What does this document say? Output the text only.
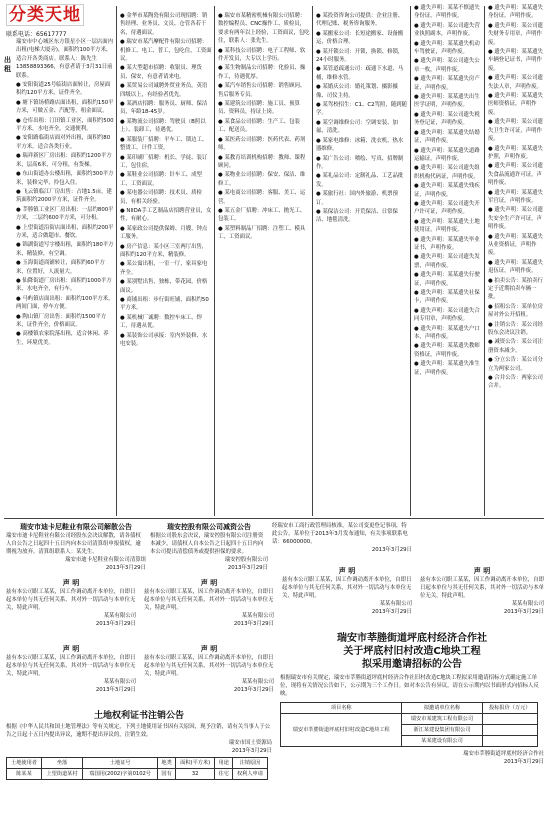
分类天地
联系电话：65617777
出租

瑞安市中心城区东方银星小区一层店面内出租(电梯大厦旁)，面积约100平方米，适合开各类商店。联系人：陈先生 13858893366，有意者请于3月31日前联系。

● 安阳街道25号临街店面转让，房屋面积约120平方米，证件齐全。

● 塘下镇场桥路店面出租，面积约150平方米，可做五金、汽配等，租金面议。

● 仓库出租：汀田镇工业区，面积约500平方米，水电齐全，交通便利。

● 安阳路临街店面对外出租，面积约80平方米，适合各类行业。

● 瑞祥新区厂房出租：面积约1200平方米，层高6米，可分租，有货梯。

● 东山街道办公楼出租，面积约300平方米，装修完毕，拎包入住。

● 飞云镇临江厂房出售：占地1.5亩，建筑面积约2000平方米，证件齐全。

● 莘塍镇工业区厂房出租：一层约800平方米，二层约600平方米，可分租。

● 上望街道沿街店面出租，面积约200平方米，适合做超市、餐饮。

● 锦湖街道写字楼出租，面积约180平方米，精装修，有空调。

● 玉海街道商铺转让，面积约60平方米，位置好，人流量大。

● 仙降街道厂房出租：面积约1000平方米，水电齐全，有行车。

● 马屿镇店面出租：面积约100平方米，两间门面，停车方便。

● 陶山镇厂房出售：面积约1500平方米，证件齐全，价格面议。

● 高楼镇农家院落出租，适合休闲、养生，环境优美。

● 金华市某陶瓷有限公司现招聘：销售经理、业务员、文员、仓管各若干名，待遇面议。

● 瑞安市某汽摩配件有限公司招聘：机修工、电工、普工，包吃住，工资面议。

● 某大型超市招聘：收银员、理货员、保安，有意者请来电。

● 某贸易公司诚聘外贸业务员，英语四级以上，有经验者优先。

● 某酒店招聘：服务员、厨师、保洁员，年龄18-45岁。

● 某物流公司招聘：驾驶员（B照以上）、装卸工，待遇优。

● 某服装厂招聘：平车工、锁边工、整烫工，计件工资。

● 某印刷厂招聘：机长、学徒、装订工，包住宿。

● 某鞋业公司招聘：针车工、成型工，工资面议。

● 某电器公司招聘：技术员、质检员，有相关经验。

● NIIDA手工艺制品店招聘营业员，女性，有耐心。

● 某家政公司提供保姆、月嫂、钟点工服务。

● 房产信息：某小区三室两厅出售，面积约120平方米，精装修。

● 某公寓出租，一室一厅，家具家电齐全。

● 某别墅出售，独栋，带花园，价格面议。

● 商铺出租：步行街旺铺，面积约50平方米。

● 某机械厂诚聘：数控车床工、焊工，待遇从优。

● 某装饰公司承接：室内外装修、水电安装。

● 瑞安市某精密机械有限公司招聘：数控编程员、CNC操作工、质检员，要求有两年以上经验，工资面议，包吃住，联系人：张先生。

● 某科技公司招聘：电子工程师、软件开发员，大专以上学历。

● 某生物制品公司招聘：化验员、操作工，待遇优厚。

● 某汽车销售公司招聘：销售顾问、售后服务专员。

● 某建筑公司招聘：施工员、预算员、资料员，持证上岗。

● 某食品公司招聘：生产工、包装工、配送员。

● 某医药公司招聘：医药代表、药剂师。

● 某教育培训机构招聘：教师、课程顾问。

● 某物业公司招聘：保安、保洁、维修工。

● 某电商公司招聘：客服、美工、运营。

● 某五金厂招聘：冲床工、抛光工、包装工。

● 某塑料制品厂招聘：注塑工、模具工，工资面议。

● 某投资咨询公司提供：企业注册、代理记账、税务咨询服务。

● 某搬家公司：长短途搬家、设备搬运，价格合理。

● 某开锁公司：开锁、换锁、修锁，24小时服务。

● 某管道疏通公司：疏通下水道、马桶，维修水管。

● 某婚庆公司：婚礼策划、摄影摄像、司仪主持。

● 某驾校招生：C1、C2驾照，随到随学。

● 某空调维修公司：空调安装、加氟、清洗。

● 某家电维修：冰箱、洗衣机、热水器维修。

● 某广告公司：喷绘、写真、招牌制作。

● 某礼品公司：定制礼品、工艺品批发。

● 某旅行社：国内外旅游、机票预订。

● 某保洁公司：开荒保洁、日常保洁、地毯清洗。

● 遗失声明：某某不慎遗失身份证，声明作废。

● 遗失声明：某公司遗失营业执照副本，声明作废。

● 遗失声明：某某遗失机动车驾驶证，声明作废。

● 遗失声明：某公司遗失公章一枚，声明作废。

● 遗失声明：某某遗失房产证，声明作废。

● 遗失声明：某某遗失出生医学证明，声明作废。

● 遗失声明：某公司遗失税务登记证，声明作废。

● 遗失声明：某某遗失结婚证，声明作废。

● 遗失声明：某某遗失道路运输证，声明作废。

● 遗失声明：某公司遗失组织机构代码证，声明作废。

● 遗失声明：某某遗失残疾证，声明作废。

● 遗失声明：某公司遗失开户许可证，声明作废。

● 遗失声明：某某遗失土地使用证，声明作废。

● 遗失声明：某某遗失毕业证书，声明作废。

● 遗失声明：某公司遗失发票，声明作废。

● 遗失声明：某某遗失行驶证，声明作废。

● 遗失声明：某某遗失社保卡，声明作废。

● 遗失声明：某公司遗失合同专用章，声明作废。

● 遗失声明：某某遗失户口本，声明作废。

● 遗失声明：某某遗失教师资格证，声明作废。

● 遗失声明：某某遗失准生证，声明作废。

● 遗失声明：某某遗失身份证，声明作废。

● 遗失声明：某公司遗失财务专用章，声明作废。

● 遗失声明：某某遗失车辆登记证书，声明作废。

● 遗失声明：某公司遗失法人章，声明作废。

● 遗失声明：某某遗失医师资格证，声明作废。

● 遗失声明：某公司遗失卫生许可证，声明作废。

● 遗失声明：某某遗失护照，声明作废。

● 遗失声明：某公司遗失食品流通许可证，声明作废。

● 遗失声明：某某遗失军官证，声明作废。

● 遗失声明：某公司遗失安全生产许可证，声明作废。

● 遗失声明：某某遗失从业资格证，声明作废。

● 遗失声明：某某遗失退伍证，声明作废。

● 拍卖公告：某拍卖行定于近期拍卖车辆一批。

● 招租公告：某单位房屋对外公开招租。

● 注销公告：某公司经股东会决议注销。

● 减资公告：某公司注册资本减少。

● 分立公告：某公司分立为两家公司。

● 合并公告：两家公司合并。

瑞安市迪卡尼鞋业有限公司解散公告
瑞安市迪卡尼鞋业有限公司经股东会决议解散，请各债权人自公告之日起四十五日内向本公司清算组申报债权，逾期视为放弃。清算组联系人：某先生。
瑞安市迪卡尼鞋业有限公司清算组
2013年3月29日
瑞安控股有限公司减资公告
根据公司股东会决议，瑞安控股有限公司注册资本减少，请债权人自本公告之日起四十五日内向本公司提出清偿债务或提供担保的要求。
瑞安控股有限公司
2013年3月29日
经瑞安市工商行政管理局核准，某公司变更登记事项，特此公告。某单位于2013年3月发布通知，有关事项联系电话：66000000。
2013年3月29日
声 明
兹有本公司职工某某，因工作调动离开本单位，自即日起本单位与其无任何关系，其对外一切活动与本单位无关，特此声明。
某某有限公司
2013年3月29日
声 明
兹有本公司职工某某，因工作调动离开本单位，自即日起本单位与其无任何关系，其对外一切活动与本单位无关，特此声明。
某某有限公司
2013年3月29日
声 明
兹有本公司职工某某，因工作调动离开本单位，自即日起本单位与其无任何关系，其对外一切活动与本单位无关，特此声明。
某某有限公司
2013年3月29日
声 明
兹有本公司职工某某，因工作调动离开本单位，自即日起本单位与其无任何关系，其对外一切活动与本单位无关，特此声明。
某某有限公司
2013年3月29日
声 明
兹有本公司职工某某，因工作调动离开本单位，自即日起本单位与其无任何关系，其对外一切活动与本单位无关，特此声明。
某某有限公司
2013年3月29日
声 明
兹有本公司职工某某，因工作调动离开本单位，自即日起本单位与其无任何关系，其对外一切活动与本单位无关，特此声明。
某某有限公司
2013年3月29日
土地权利证书注销公告
根据《中华人民共和国土地管理法》等有关规定，下列土地使用证书因有关原因，现予注销，请有关当事人于公告之日起十五日内提出异议，逾期不提出异议的，注销生效。
瑞安市国土资源局
2013年3月29日
土地使用者	坐落	土地证号	地类	面积(平方米)	用途	注销原因
陈某某	上望街道某村	瑞国用(2002)字第0102号	国有	32	住宅	权利人申请

瑞安市莘塍街道坪底村经济合作社

关于坪底村旧村改造C地块工程

拟采用邀请招标的公告

根据瑞安市有关规定，瑞安市莘塍街道坪底村经济合作社旧村改造C地块工程拟采用邀请招标方式确定施工单位，现将有关情况公告如下，公示期为三个工作日。如对本公告有异议，请在公示期内以书面形式向招标人反映。
项目名称	拟邀请单位名称	投标报价（万元）
瑞安市莘塍街道坪底村旧村改造C地块工程	瑞安市某建筑工程有限公司	
	浙江某建设集团有限公司	
	某某建设有限公司	
瑞安市莘塍街道坪底村经济合作社
2013年3月29日
